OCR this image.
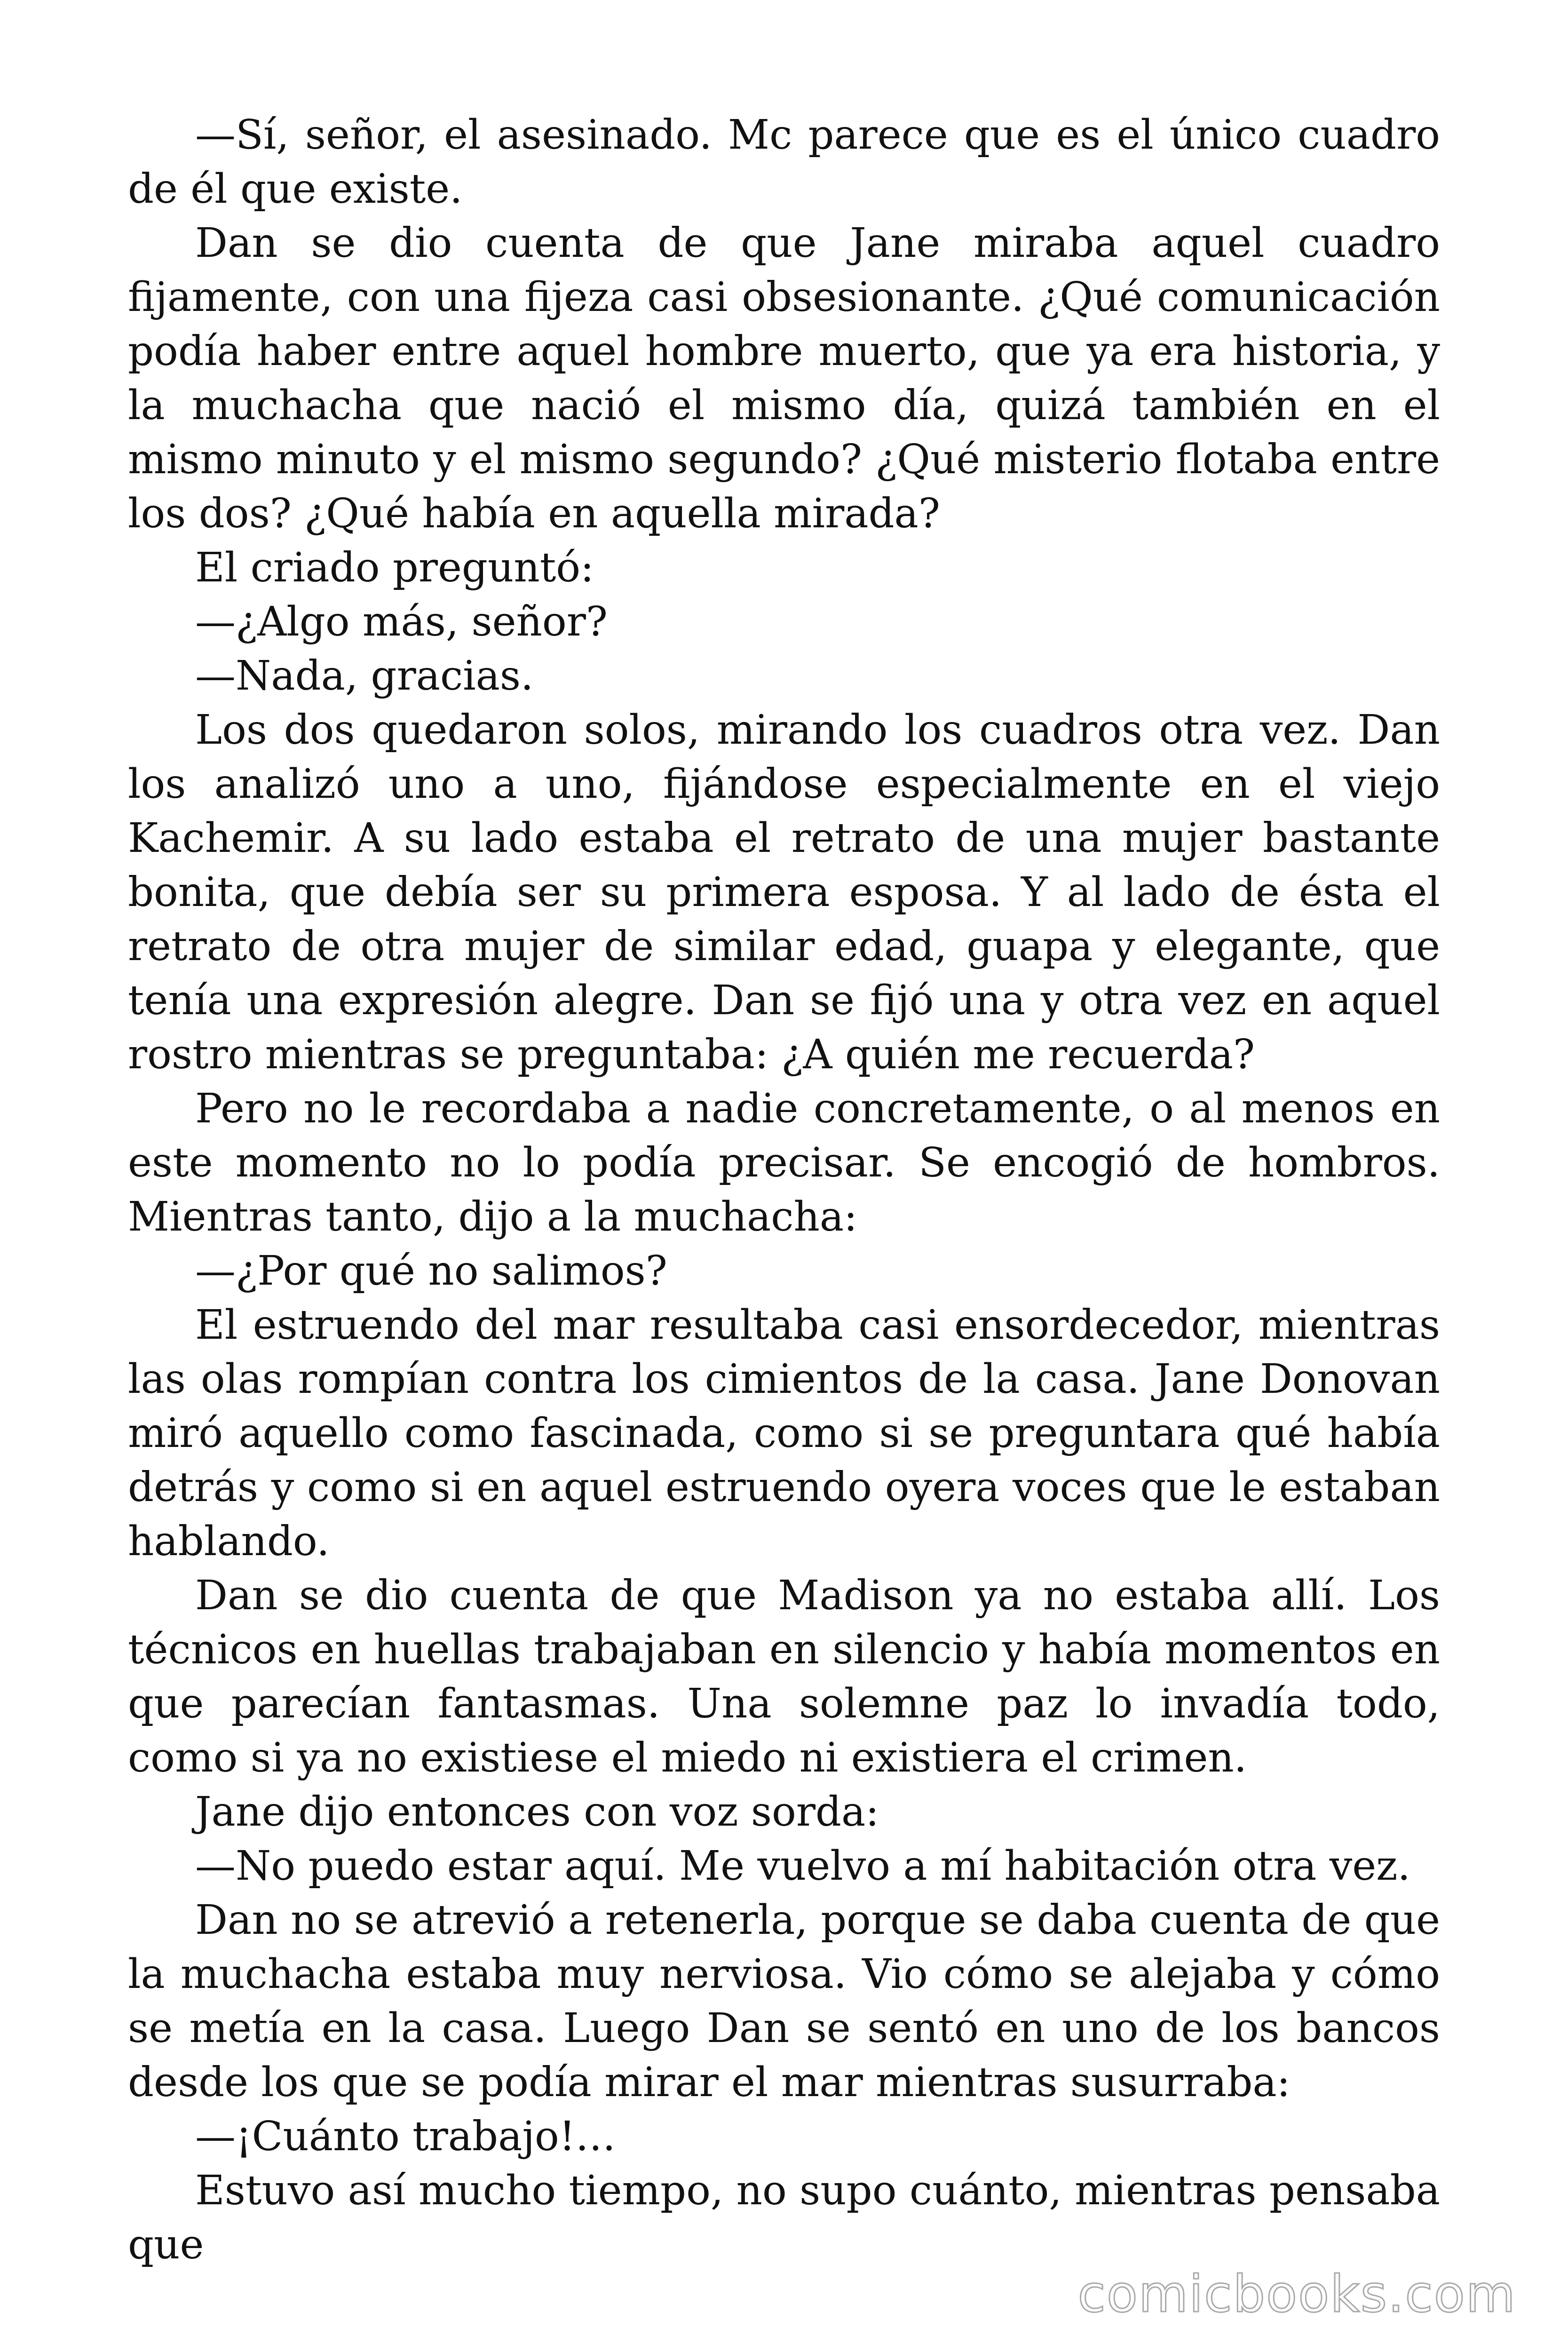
—Sí, señor, el asesinado. Mc parece que es el único cuadro de él que existe.

Dan se dio cuenta de que Jane miraba aquel cuadro fijamente, con una fijeza casi obsesionante. ¿Qué comunicación podía haber entre aquel hombre muerto, que ya era historia, y la muchacha que nació el mismo día, quizá también en el mismo minuto y el mismo segundo? ¿Qué misterio flotaba entre los dos? ¿Qué había en aquella mirada?

El criado preguntó:

—¿Algo más, señor?

—Nada, gracias.

Los dos quedaron solos, mirando los cuadros otra vez. Dan los analizó uno a uno, fijándose especialmente en el viejo Kachemir. A su lado estaba el retrato de una mujer bastante bonita, que debía ser su primera esposa. Y al lado de ésta el retrato de otra mujer de similar edad, guapa y elegante, que tenía una expresión alegre. Dan se fijó una y otra vez en aquel rostro mientras se preguntaba: ¿A quién me recuerda?

Pero no le recordaba a nadie concretamente, o al menos en este momento no lo podía precisar. Se encogió de hombros. Mientras tanto, dijo a la muchacha:

—¿Por qué no salimos?

El estruendo del mar resultaba casi ensordecedor, mientras las olas rompían contra los cimientos de la casa. Jane Donovan miró aquello como fascinada, como si se preguntara qué había detrás y como si en aquel estruendo oyera voces que le estaban hablando.

Dan se dio cuenta de que Madison ya no estaba allí. Los técnicos en huellas trabajaban en silencio y había momentos en que parecían fantasmas. Una solemne paz lo invadía todo, como si ya no existiese el miedo ni existiera el crimen.

Jane dijo entonces con voz sorda:

—No puedo estar aquí. Me vuelvo a mí habitación otra vez.

Dan no se atrevió a retenerla, porque se daba cuenta de que la muchacha estaba muy nerviosa. Vio cómo se alejaba y cómo se metía en la casa. Luego Dan se sentó en uno de los bancos desde los que se podía mirar el mar mientras susurraba:

—¡Cuánto trabajo!…

Estuvo así mucho tiempo, no supo cuánto, mientras pensaba que

comicbooks.com
